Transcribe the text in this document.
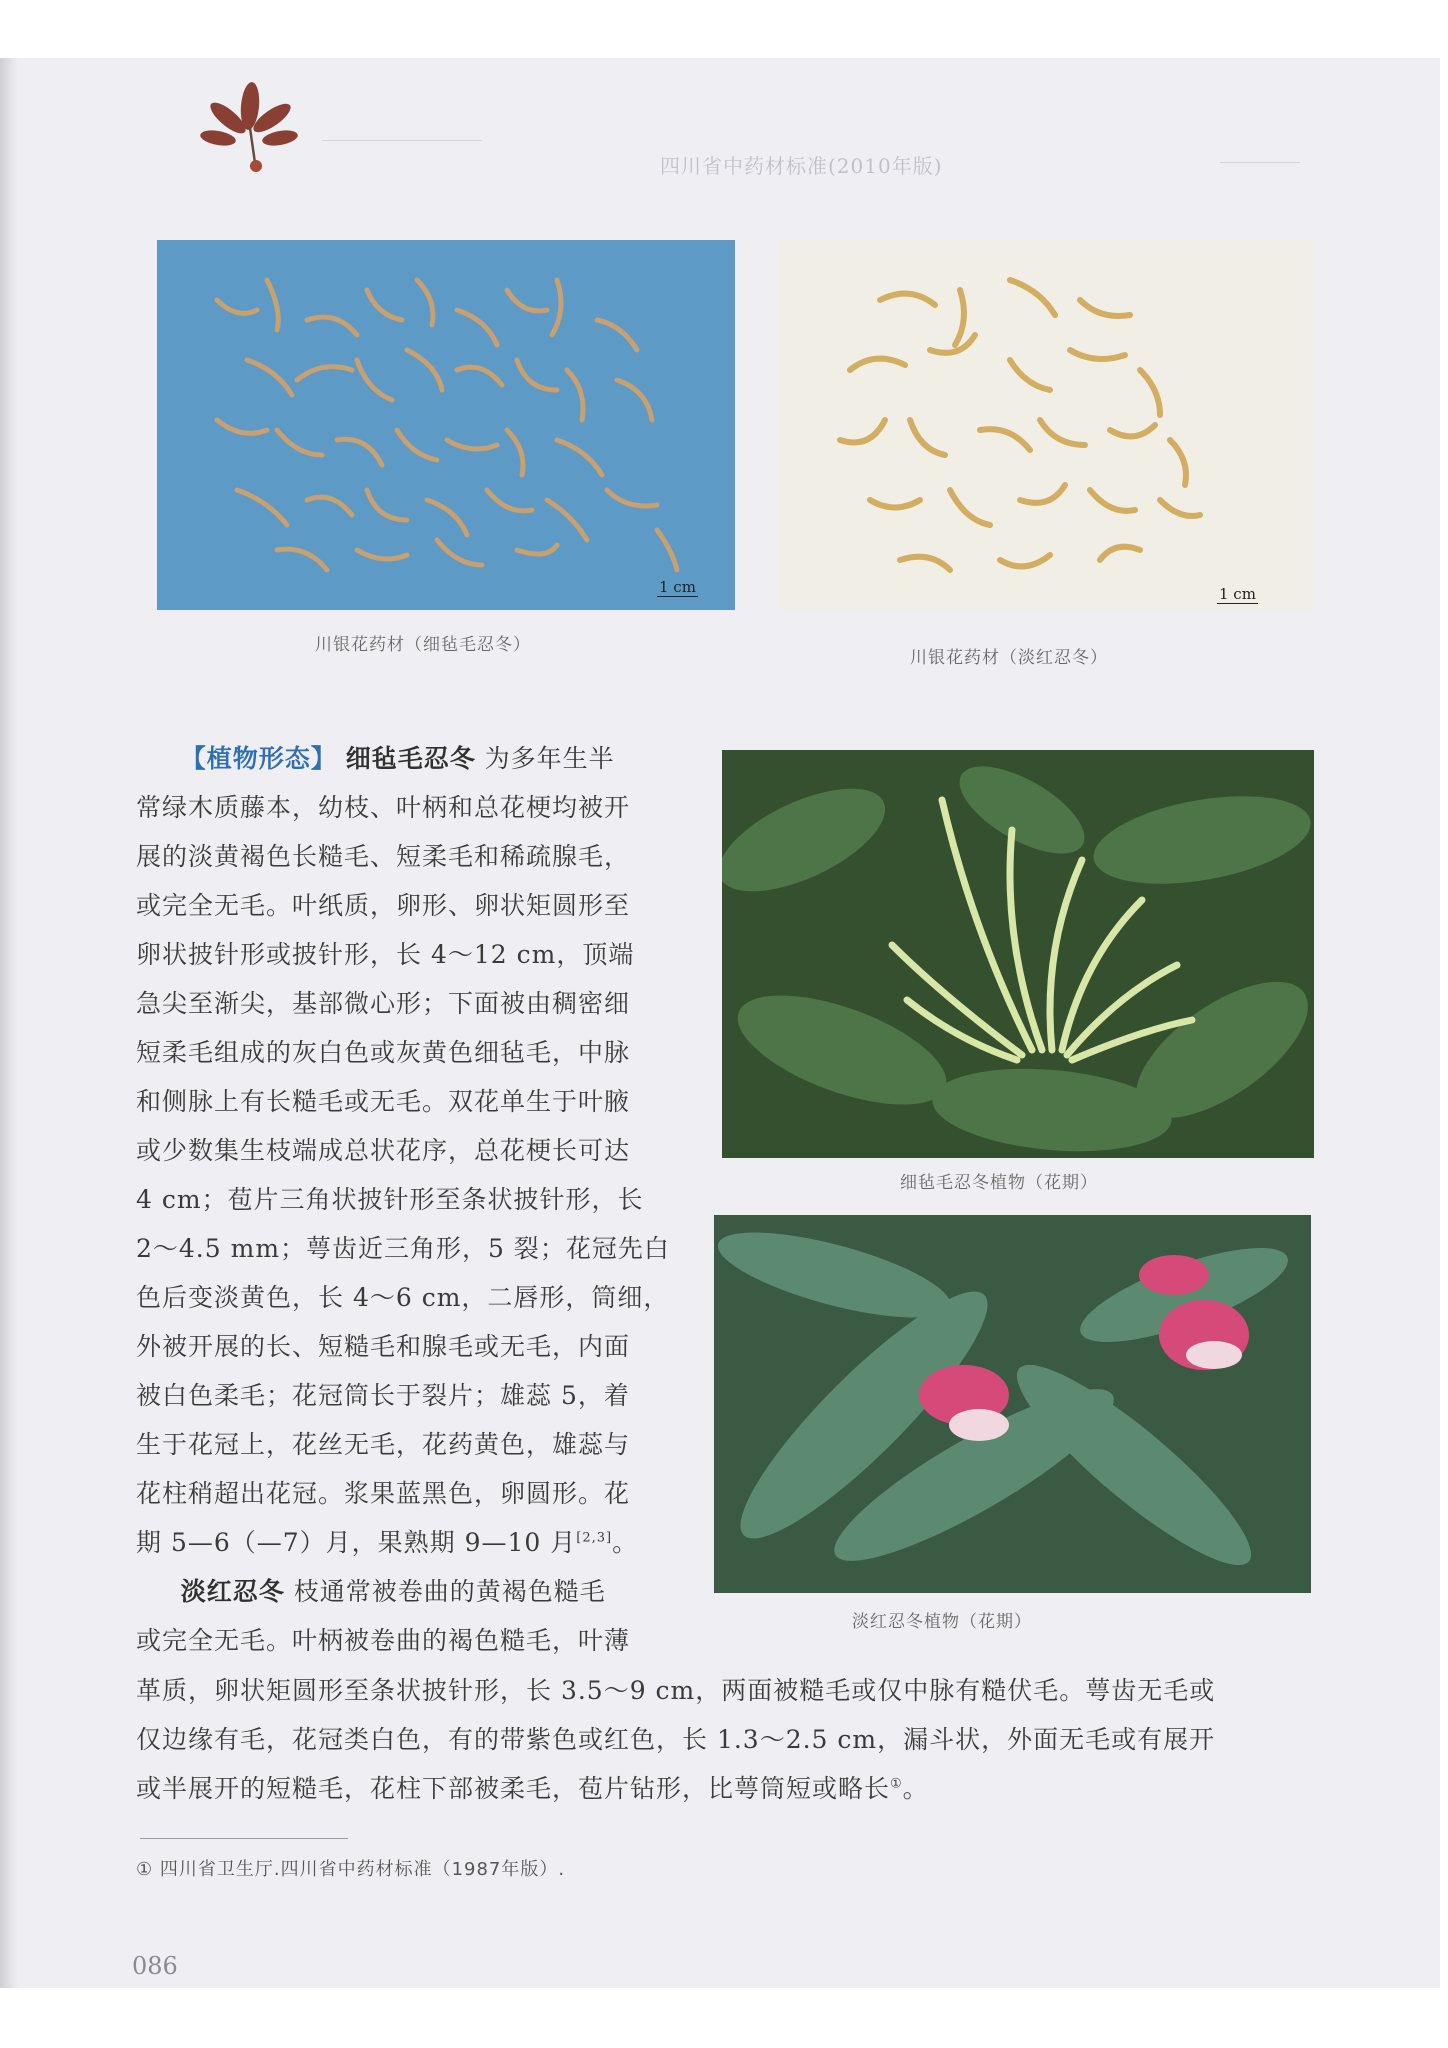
四川省中药材标准(2010年版)
1 cm
川银花药材（细毡毛忍冬）
1 cm
川银花药材（淡红忍冬）
细毡毛忍冬植物（花期）
淡红忍冬植物（花期）
【植物形态】 细毡毛忍冬 为多年生半
常绿木质藤本，幼枝、叶柄和总花梗均被开
展的淡黄褐色长糙毛、短柔毛和稀疏腺毛，
或完全无毛。叶纸质，卵形、卵状矩圆形至
卵状披针形或披针形，长 4～12 cm，顶端
急尖至渐尖，基部微心形；下面被由稠密细
短柔毛组成的灰白色或灰黄色细毡毛，中脉
和侧脉上有长糙毛或无毛。双花单生于叶腋
或少数集生枝端成总状花序，总花梗长可达
4 cm；苞片三角状披针形至条状披针形，长
2～4.5 mm；萼齿近三角形，5 裂；花冠先白
色后变淡黄色，长 4～6 cm，二唇形，筒细，
外被开展的长、短糙毛和腺毛或无毛，内面
被白色柔毛；花冠筒长于裂片；雄蕊 5，着
生于花冠上，花丝无毛，花药黄色，雄蕊与
花柱稍超出花冠。浆果蓝黑色，卵圆形。花
期 5—6（—7）月，果熟期 9—10 月[2,3]。
淡红忍冬 枝通常被卷曲的黄褐色糙毛
或完全无毛。叶柄被卷曲的褐色糙毛，叶薄
革质，卵状矩圆形至条状披针形，长 3.5～9 cm，两面被糙毛或仅中脉有糙伏毛。萼齿无毛或
仅边缘有毛，花冠类白色，有的带紫色或红色，长 1.3～2.5 cm，漏斗状，外面无毛或有展开
或半展开的短糙毛，花柱下部被柔毛，苞片钻形，比萼筒短或略长①。
① 四川省卫生厅.四川省中药材标准（1987年版）.
086
